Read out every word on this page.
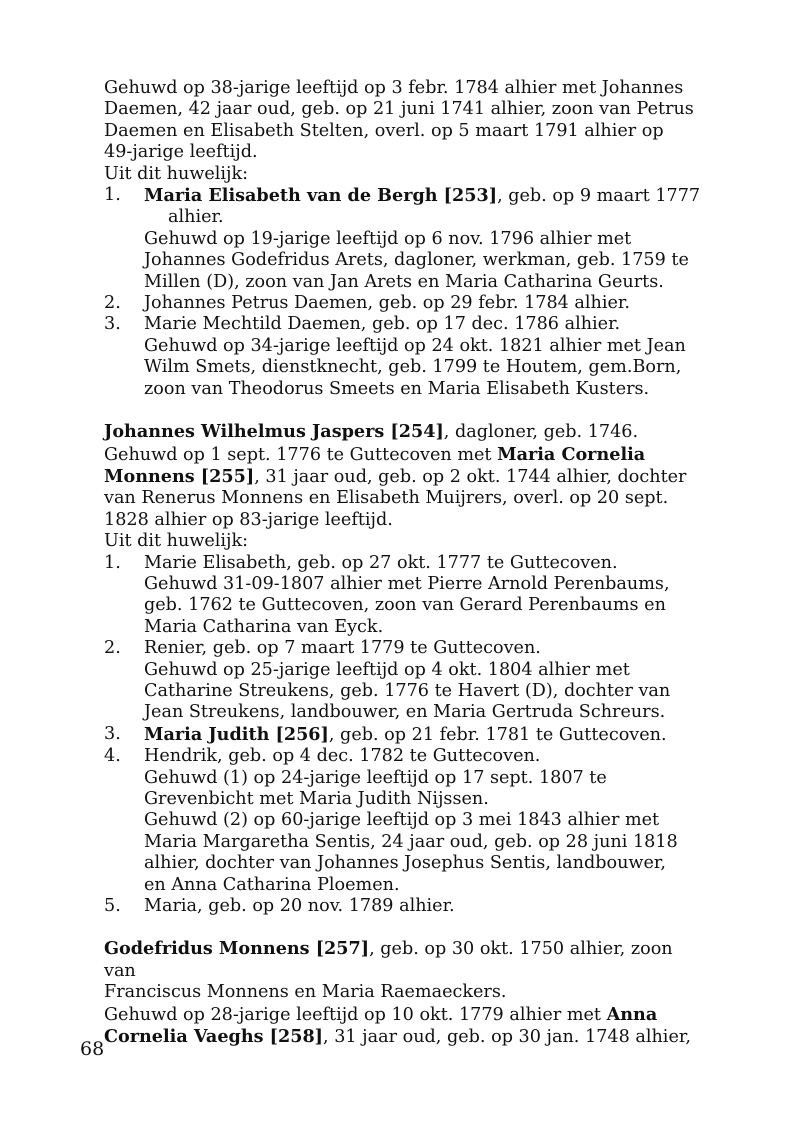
Gehuwd op 38-jarige leeftijd op 3 febr. 1784 alhier met Johannes

Daemen, 42 jaar oud, geb. op 21 juni 1741 alhier, zoon van Petrus

Daemen en Elisabeth Stelten, overl. op 5 maart 1791 alhier op

49-jarige leeftijd.

Uit dit huwelijk:

1. Maria Elisabeth van de Bergh [253], geb. op 9 maart 1777

alhier.

Gehuwd op 19-jarige leeftijd op 6 nov. 1796 alhier met

Johannes Godefridus Arets, dagloner, werkman, geb. 1759 te

Millen (D), zoon van Jan Arets en Maria Catharina Geurts.

2. Johannes Petrus Daemen, geb. op 29 febr. 1784 alhier.

3. Marie Mechtild Daemen, geb. op 17 dec. 1786 alhier.

Gehuwd op 34-jarige leeftijd op 24 okt. 1821 alhier met Jean

Wilm Smets, dienstknecht, geb. 1799 te Houtem, gem.Born,

zoon van Theodorus Smeets en Maria Elisabeth Kusters.

Johannes Wilhelmus Jaspers [254], dagloner, geb. 1746.

Gehuwd op 1 sept. 1776 te Guttecoven met Maria Cornelia

Monnens [255], 31 jaar oud, geb. op 2 okt. 1744 alhier, dochter

van Renerus Monnens en Elisabeth Muijrers, overl. op 20 sept.

1828 alhier op 83-jarige leeftijd.

Uit dit huwelijk:

1. Marie Elisabeth, geb. op 27 okt. 1777 te Guttecoven.

Gehuwd 31-09-1807 alhier met Pierre Arnold Perenbaums,

geb. 1762 te Guttecoven, zoon van Gerard Perenbaums en

Maria Catharina van Eyck.

2. Renier, geb. op 7 maart 1779 te Guttecoven.

Gehuwd op 25-jarige leeftijd op 4 okt. 1804 alhier met

Catharine Streukens, geb. 1776 te Havert (D), dochter van

Jean Streukens, landbouwer, en Maria Gertruda Schreurs.

3. Maria Judith [256], geb. op 21 febr. 1781 te Guttecoven.

4. Hendrik, geb. op 4 dec. 1782 te Guttecoven.

Gehuwd (1) op 24-jarige leeftijd op 17 sept. 1807 te

Grevenbicht met Maria Judith Nijssen.

Gehuwd (2) op 60-jarige leeftijd op 3 mei 1843 alhier met

Maria Margaretha Sentis, 24 jaar oud, geb. op 28 juni 1818

alhier, dochter van Johannes Josephus Sentis, landbouwer,

en Anna Catharina Ploemen.

5. Maria, geb. op 20 nov. 1789 alhier.

Godefridus Monnens [257], geb. op 30 okt. 1750 alhier, zoon van

Franciscus Monnens en Maria Raemaeckers.

Gehuwd op 28-jarige leeftijd op 10 okt. 1779 alhier met Anna

Cornelia Vaeghs [258], 31 jaar oud, geb. op 30 jan. 1748 alhier,

68
